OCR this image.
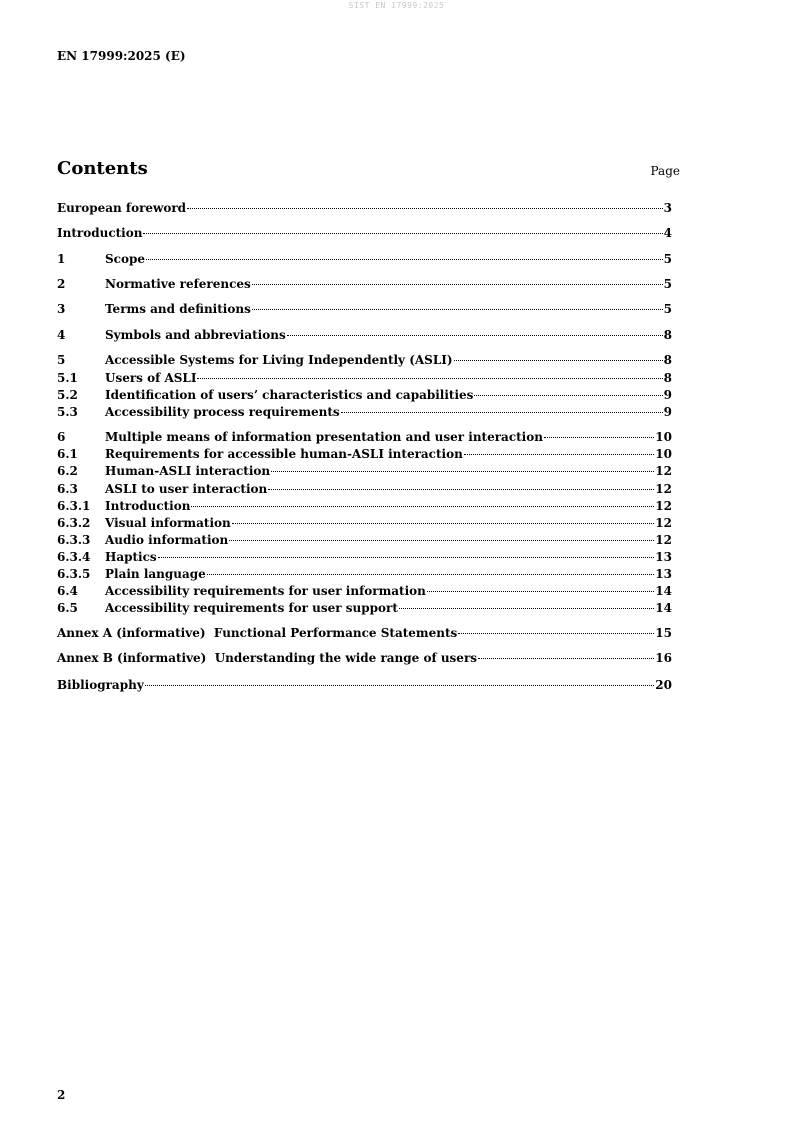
SIST EN 17999:2025
EN 17999:2025 (E)
Contents	Page
European foreword	3
Introduction	4
1	Scope	5
2	Normative references	5
3	Terms and definitions	5
4	Symbols and abbreviations	8
5	Accessible Systems for Living Independently (ASLI)	8
5.1	Users of ASLI	8
5.2	Identification of users’ characteristics and capabilities	9
5.3	Accessibility process requirements	9
6	Multiple means of information presentation and user interaction	10
6.1	Requirements for accessible human-ASLI interaction	10
6.2	Human-ASLI interaction	12
6.3	ASLI to user interaction	12
6.3.1	Introduction	12
6.3.2	Visual information	12
6.3.3	Audio information	12
6.3.4	Haptics	13
6.3.5	Plain language	13
6.4	Accessibility requirements for user information	14
6.5	Accessibility requirements for user support	14
Annex A (informative)  Functional Performance Statements	15
Annex B (informative)  Understanding the wide range of users	16
Bibliography	20
2
